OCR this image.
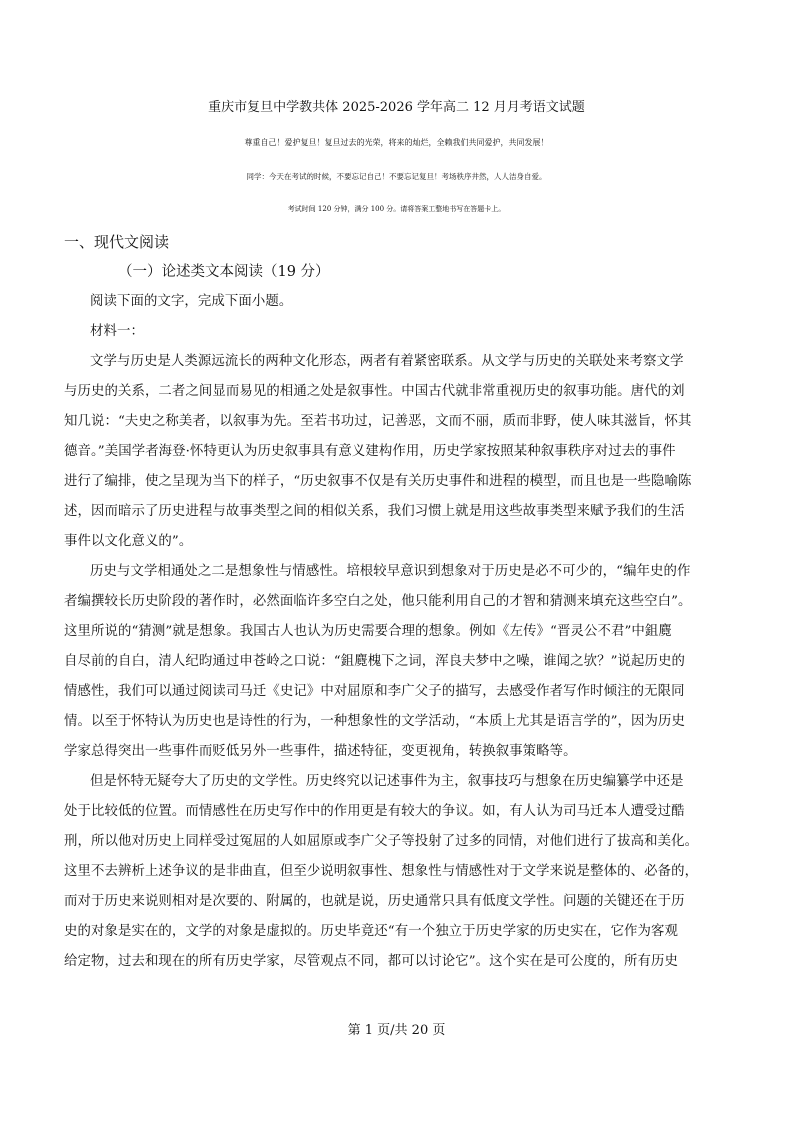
重庆市复旦中学教共体 2025-2026 学年高二 12 月月考语文试题
尊重自己！爱护复旦！复旦过去的光荣，将来的灿烂，全赖我们共同爱护，共同发展！
同学：今天在考试的时候，不要忘记自己！不要忘记复旦！考场秩序井然，人人洁身自爱。
考试时间 120 分钟，满分 100 分。请将答案工整地书写在答题卡上。
一、现代文阅读
（一）论述类文本阅读（19 分）
阅读下面的文字，完成下面小题。
材料一：
文学与历史是人类源远流长的两种文化形态，两者有着紧密联系。从文学与历史的关联处来考察文学
与历史的关系，二者之间显而易见的相通之处是叙事性。中国古代就非常重视历史的叙事功能。唐代的刘
知几说：“夫史之称美者，以叙事为先。至若书功过，记善恶，文而不丽，质而非野，使人味其滋旨，怀其
德音。”美国学者海登·怀特更认为历史叙事具有意义建构作用，历史学家按照某种叙事秩序对过去的事件
进行了编排，使之呈现为当下的样子，“历史叙事不仅是有关历史事件和进程的模型，而且也是一些隐喻陈
述，因而暗示了历史进程与故事类型之间的相似关系，我们习惯上就是用这些故事类型来赋予我们的生活
事件以文化意义的”。
历史与文学相通处之二是想象性与情感性。培根较早意识到想象对于历史是必不可少的，“编年史的作
者编撰较长历史阶段的著作时，必然面临许多空白之处，他只能利用自己的才智和猜测来填充这些空白”。
这里所说的“猜测”就是想象。我国古人也认为历史需要合理的想象。例如《左传》“晋灵公不君”中鉏麑
自尽前的自白，清人纪昀通过申苍岭之口说：“鉏麑槐下之词，浑良夫梦中之噪，谁闻之欤？”说起历史的
情感性，我们可以通过阅读司马迁《史记》中对屈原和李广父子的描写，去感受作者写作时倾注的无限同
情。以至于怀特认为历史也是诗性的行为，一种想象性的文学活动，“本质上尤其是语言学的”，因为历史
学家总得突出一些事件而贬低另外一些事件，描述特征，变更视角，转换叙事策略等。
但是怀特无疑夸大了历史的文学性。历史终究以记述事件为主，叙事技巧与想象在历史编纂学中还是
处于比较低的位置。而情感性在历史写作中的作用更是有较大的争议。如，有人认为司马迁本人遭受过酷
刑，所以他对历史上同样受过冤屈的人如屈原或李广父子等投射了过多的同情，对他们进行了拔高和美化。
这里不去辨析上述争议的是非曲直，但至少说明叙事性、想象性与情感性对于文学来说是整体的、必备的，
而对于历史来说则相对是次要的、附属的，也就是说，历史通常只具有低度文学性。问题的关键还在于历
史的对象是实在的，文学的对象是虚拟的。历史毕竟还“有一个独立于历史学家的历史实在，它作为客观
给定物，过去和现在的所有历史学家，尽管观点不同，都可以讨论它”。这个实在是可公度的，所有历史
第 1 页/共 20 页
